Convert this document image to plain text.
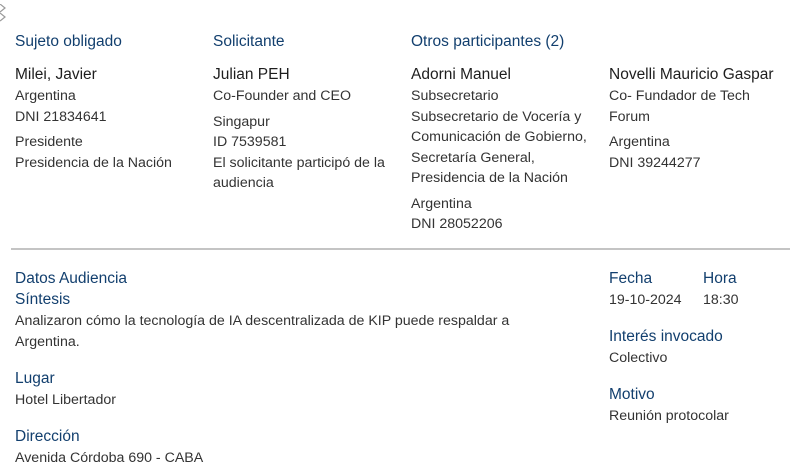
Sujeto obligado	Solicitante	Otros participantes (2)
Milei, Javier
Argentina
DNI 21834641
Presidente
Presidencia de la Nación
Julian PEH
Co-Founder and CEO
Singapur
ID 7539581
El solicitante participó de la audiencia
Adorni Manuel
Subsecretario
Subsecretario de Vocería y
Comunicación de Gobierno,
Secretaría General,
Presidencia de la Nación
Argentina
DNI 28052206
Novelli Mauricio Gaspar
Co- Fundador de Tech
Forum
Argentina
DNI 39244277
Datos Audiencia
Síntesis
Analizaron cómo la tecnología de IA descentralizada de KIP puede respaldar a Argentina.
Lugar
Hotel Libertador
Dirección
Avenida Córdoba 690 - CABA
Fecha
19-10-2024
Hora
18:30
Interés invocado
Colectivo
Motivo
Reunión protocolar
